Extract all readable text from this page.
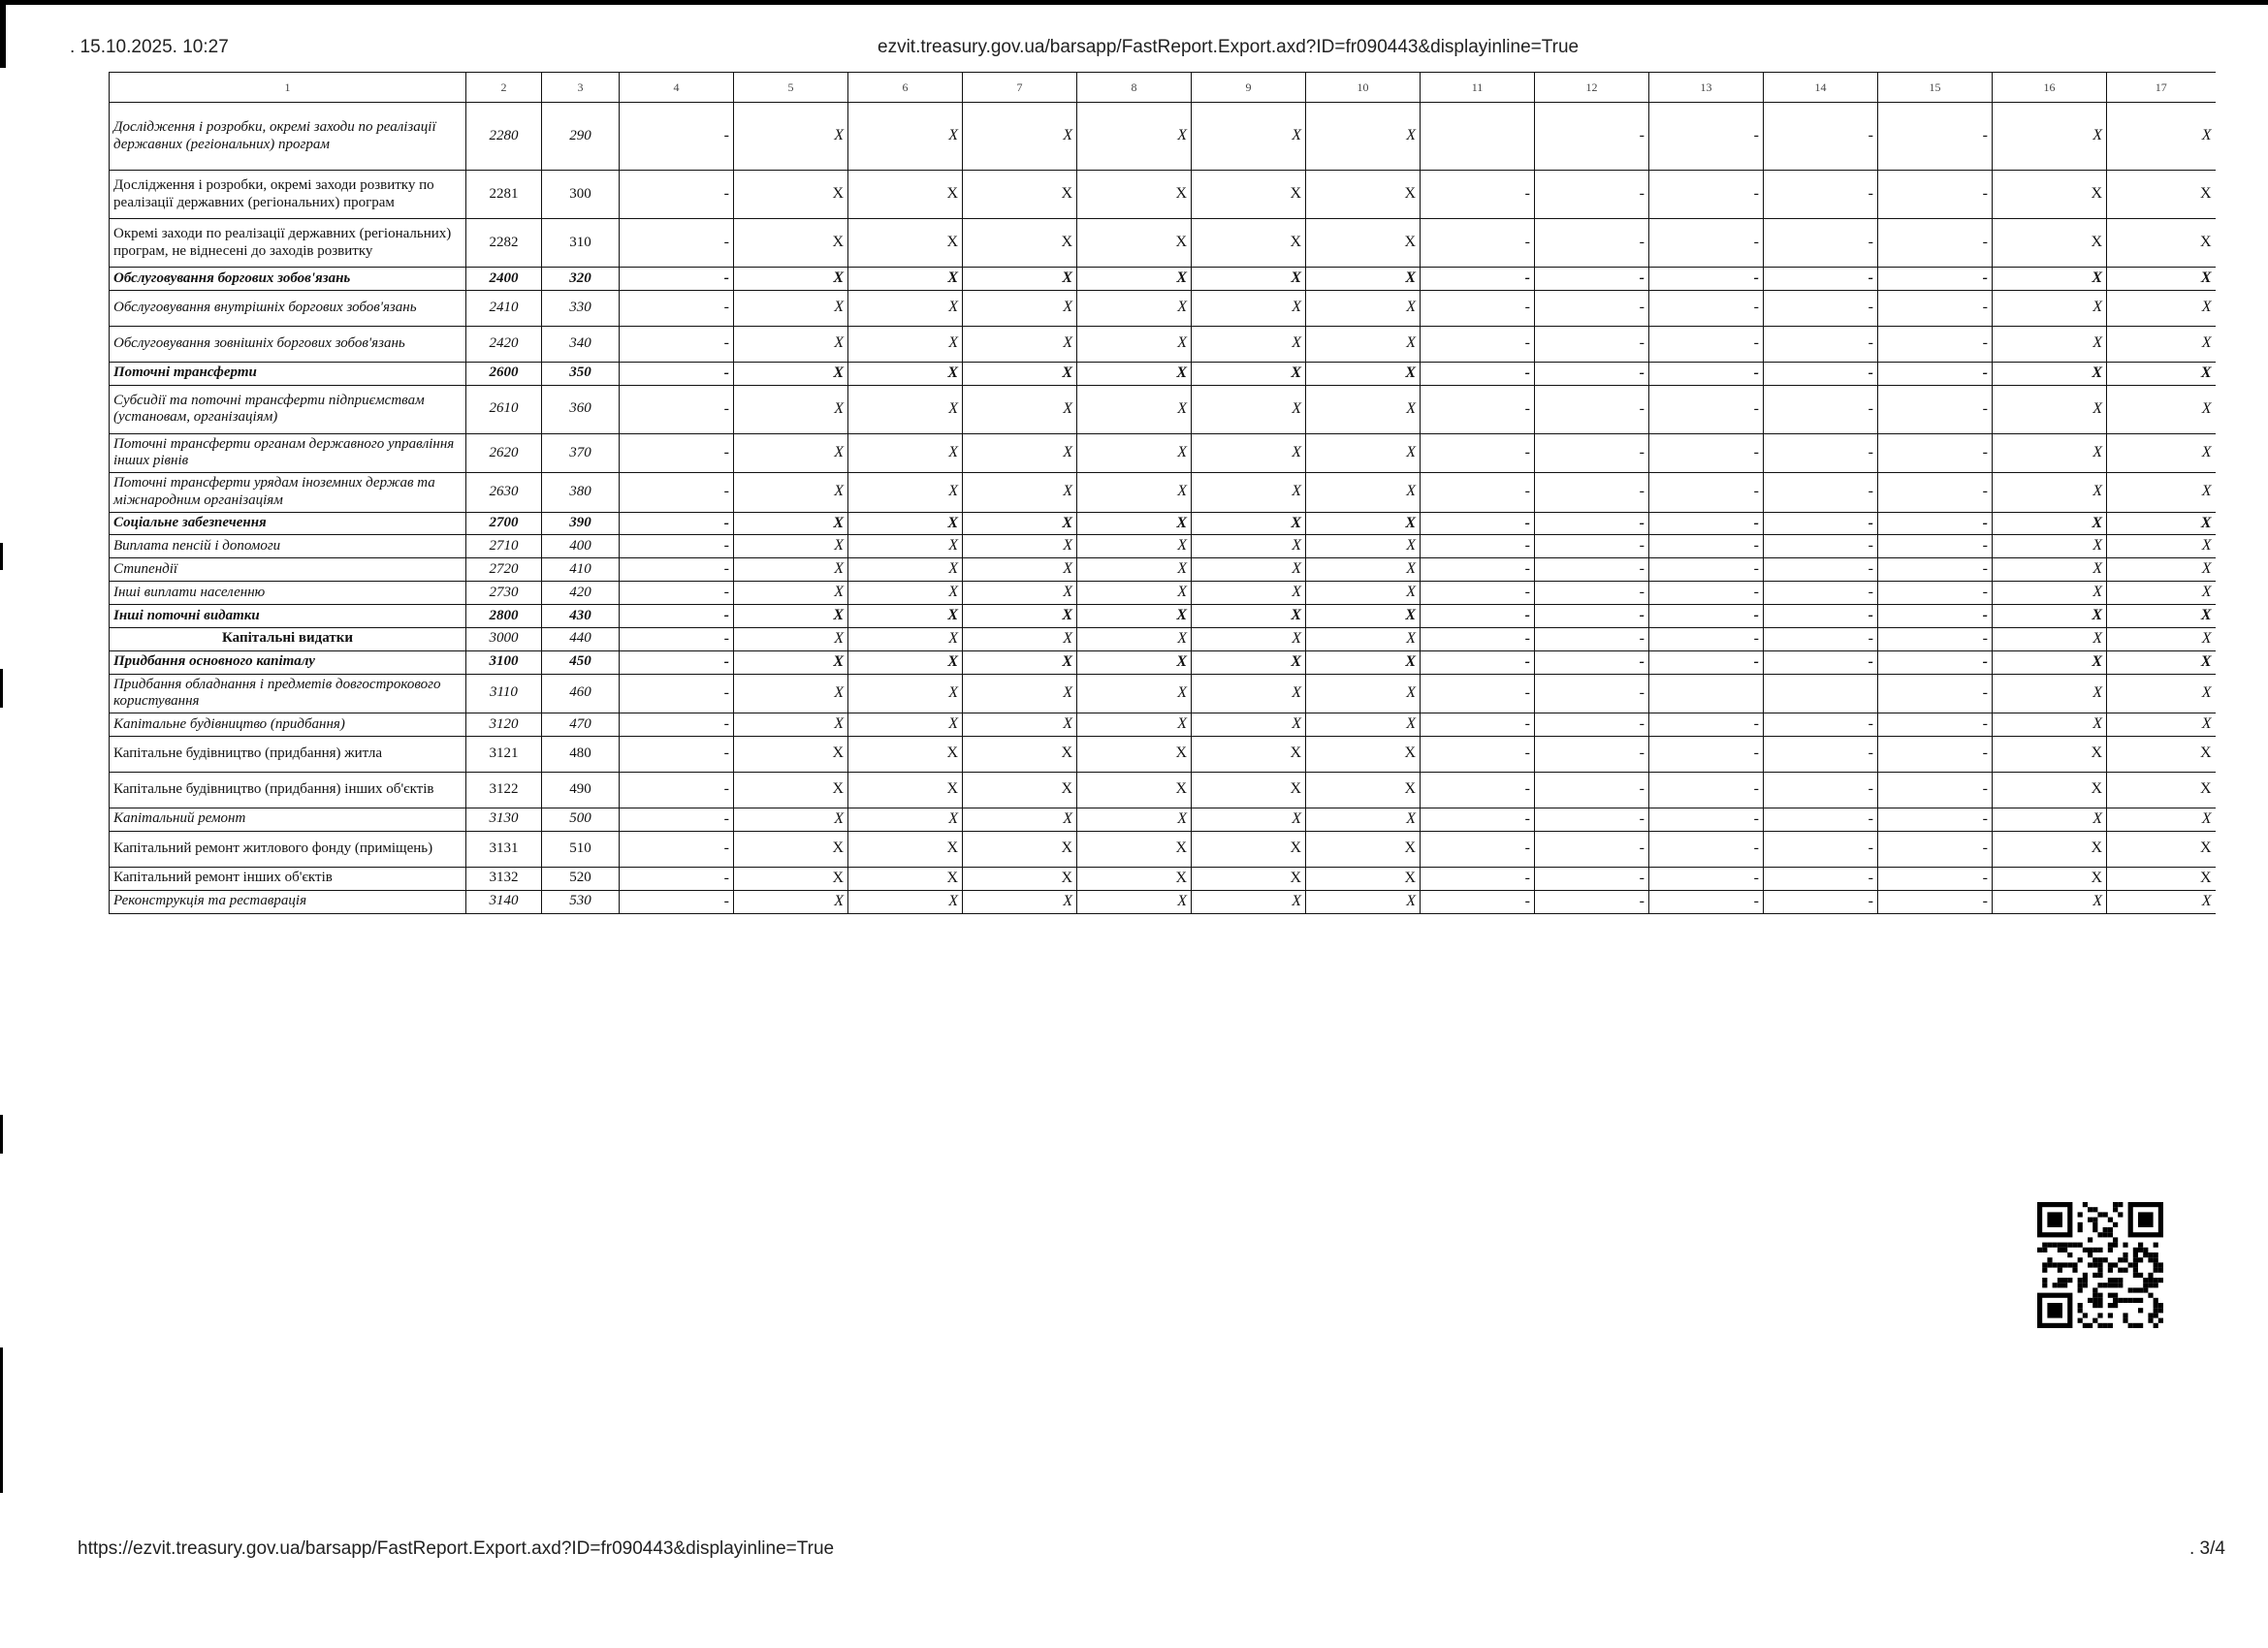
. 15.10.2025. 10:27	ezvit.treasury.gov.ua/barsapp/FastReport.Export.axd?ID=fr090443&displayinline=True
1	2	3	4	5	6	7	8	9	10	11	12	13	14	15	16	17
Дослідження і розробки, окремі заходи по реалізації державних (регіональних) програм	2280	290	-	X	X	X	X	X	X		-	-	-	-	X	X
Дослідження і розробки, окремі заходи розвитку по реалізації державних (регіональних) програм	2281	300	-	X	X	X	X	X	X	-	-	-	-	-	X	X
Окремі заходи по реалізації державних (регіональних) програм, не віднесені до заходів розвитку	2282	310	-	X	X	X	X	X	X	-	-	-	-	-	X	X
Обслуговування боргових зобов'язань	2400	320	-	X	X	X	X	X	X	-	-	-	-	-	X	X
Обслуговування внутрішніх боргових зобов'язань	2410	330	-	X	X	X	X	X	X	-	-	-	-	-	X	X
Обслуговування зовнішніх боргових зобов'язань	2420	340	-	X	X	X	X	X	X	-	-	-	-	-	X	X
Поточні трансферти	2600	350	-	X	X	X	X	X	X	-	-	-	-	-	X	X
Субсидії та поточні трансферти підприємствам (установам, організаціям)	2610	360	-	X	X	X	X	X	X	-	-	-	-	-	X	X
Поточні трансферти органам державного управління інших рівнів	2620	370	-	X	X	X	X	X	X	-	-	-	-	-	X	X
Поточні трансферти урядам іноземних держав та міжнародним організаціям	2630	380	-	X	X	X	X	X	X	-	-	-	-	-	X	X
Соціальне забезпечення	2700	390	-	X	X	X	X	X	X	-	-	-	-	-	X	X
Виплата пенсій і допомоги	2710	400	-	X	X	X	X	X	X	-	-	-	-	-	X	X
Стипендії	2720	410	-	X	X	X	X	X	X	-	-	-	-	-	X	X
Інші виплати населенню	2730	420	-	X	X	X	X	X	X	-	-	-	-	-	X	X
Інші поточні видатки	2800	430	-	X	X	X	X	X	X	-	-	-	-	-	X	X
Капітальні видатки	3000	440	-	X	X	X	X	X	X	-	-	-	-	-	X	X
Придбання основного капіталу	3100	450	-	X	X	X	X	X	X	-	-	-	-	-	X	X
Придбання обладнання і предметів довгострокового користування	3110	460	-	X	X	X	X	X	X	-	-			-	X	X
Капітальне будівництво (придбання)	3120	470	-	X	X	X	X	X	X	-	-	-	-	-	X	X
Капітальне будівництво (придбання) житла	3121	480	-	X	X	X	X	X	X	-	-	-	-	-	X	X
Капітальне будівництво (придбання) інших об'єктів	3122	490	-	X	X	X	X	X	X	-	-	-	-	-	X	X
Капітальний ремонт	3130	500	-	X	X	X	X	X	X	-	-	-	-	-	X	X
Капітальний ремонт житлового фонду (приміщень)	3131	510	-	X	X	X	X	X	X	-	-	-	-	-	X	X
Капітальний ремонт інших об'єктів	3132	520	-	X	X	X	X	X	X	-	-	-	-	-	X	X
Реконструкція та реставрація	3140	530	-	X	X	X	X	X	X	-	-	-	-	-	X	X
https://ezvit.treasury.gov.ua/barsapp/FastReport.Export.axd?ID=fr090443&displayinline=True	. 3/4
